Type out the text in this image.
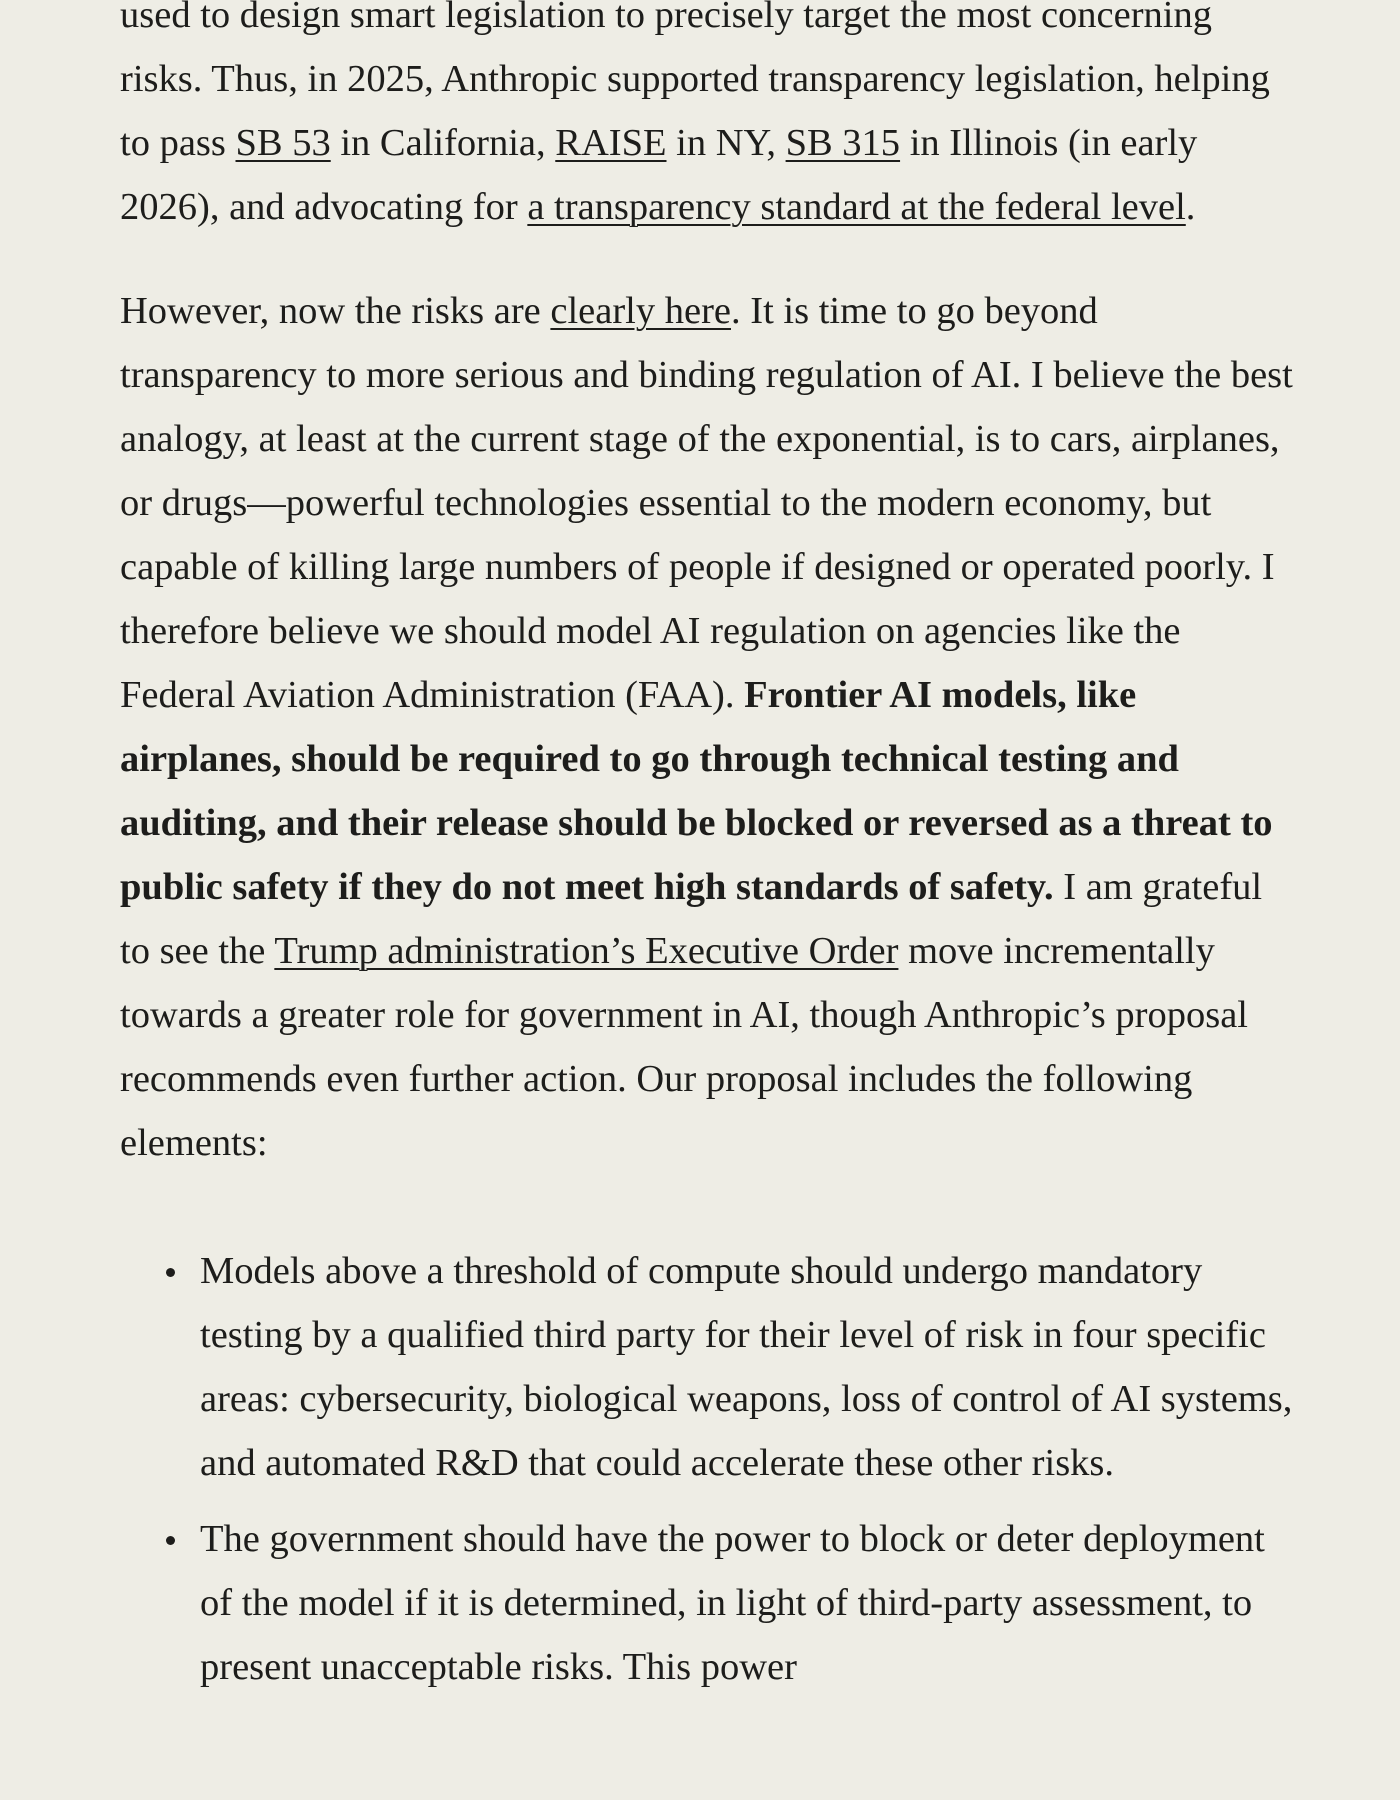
used to design smart legislation to precisely target the most concerning risks. Thus, in 2025, Anthropic supported transparency legislation, helping to pass SB 53 in California, RAISE in NY, SB 315 in Illinois (in early 2026), and advocating for a transparency standard at the federal level.

However, now the risks are clearly here. It is time to go beyond transparency to more serious and binding regulation of AI. I believe the best analogy, at least at the current stage of the exponential, is to cars, airplanes, or drugs—powerful technologies essential to the modern economy, but capable of killing large numbers of people if designed or operated poorly. I therefore believe we should model AI regulation on agencies like the Federal Aviation Administration (FAA). Frontier AI models, like airplanes, should be required to go through technical testing and auditing, and their release should be blocked or reversed as a threat to public safety if they do not meet high standards of safety. I am grateful to see the Trump administration’s Executive Order move incrementally towards a greater role for government in AI, though Anthropic’s proposal recommends even further action. Our proposal includes the following elements:

Models above a threshold of compute should undergo mandatory testing by a qualified third party for their level of risk in four specific areas: cybersecurity, biological weapons, loss of control of AI systems, and automated R&D that could accelerate these other risks.
The government should have the power to block or deter deployment of the model if it is determined, in light of third-party assessment, to present unacceptable risks. This power
